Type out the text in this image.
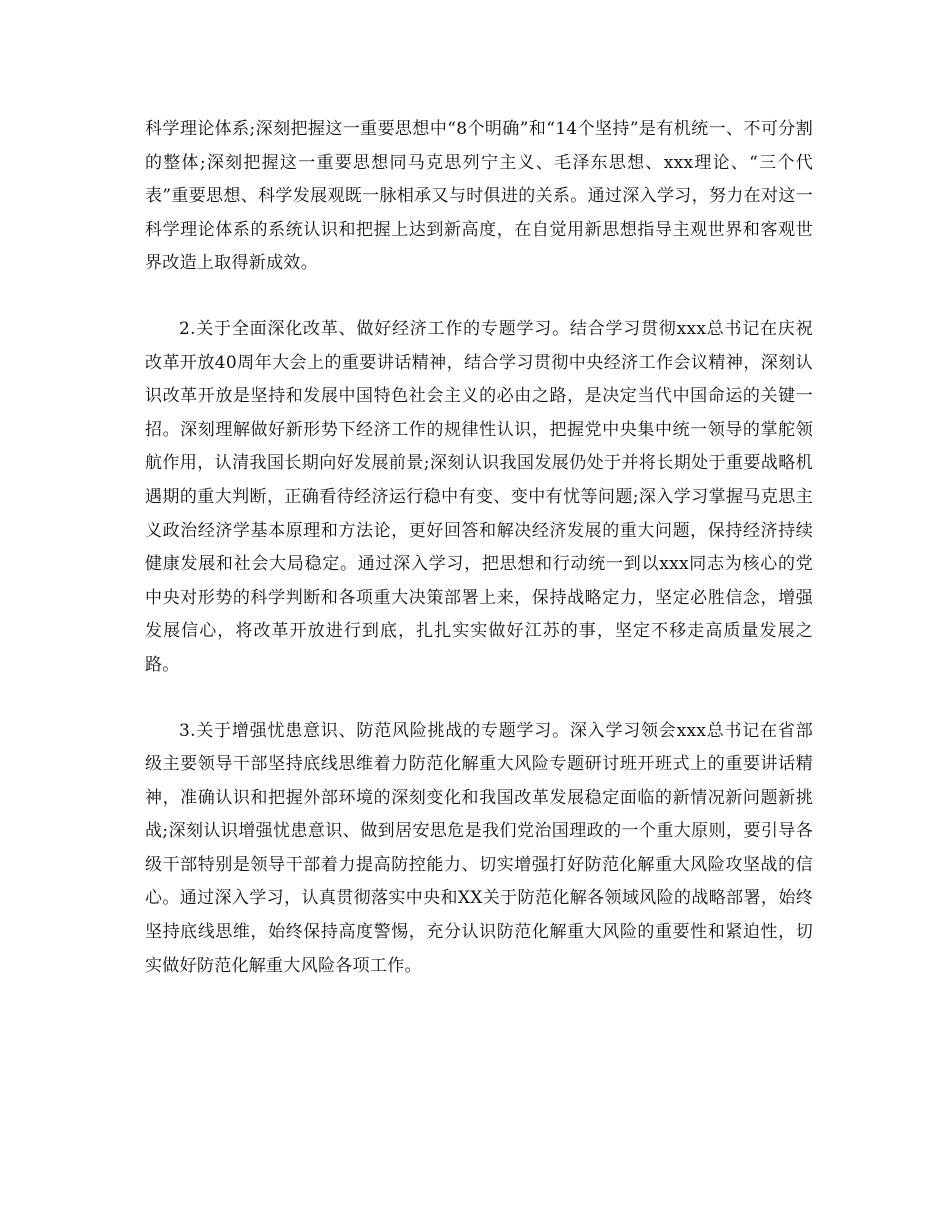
科学理论体系;深刻把握这一重要思想中“8个明确”和“14个坚持”是有机统一、不可分割的整体;深刻把握这一重要思想同马克思列宁主义、毛泽东思想、xxx理论、“三个代表”重要思想、科学发展观既一脉相承又与时俱进的关系。通过深入学习，努力在对这一科学理论体系的系统认识和把握上达到新高度，在自觉用新思想指导主观世界和客观世界改造上取得新成效。

2.关于全面深化改革、做好经济工作的专题学习。结合学习贯彻xxx总书记在庆祝改革开放40周年大会上的重要讲话精神，结合学习贯彻中央经济工作会议精神，深刻认识改革开放是坚持和发展中国特色社会主义的必由之路，是决定当代中国命运的关键一招。深刻理解做好新形势下经济工作的规律性认识，把握党中央集中统一领导的掌舵领航作用，认清我国长期向好发展前景;深刻认识我国发展仍处于并将长期处于重要战略机遇期的重大判断，正确看待经济运行稳中有变、变中有忧等问题;深入学习掌握马克思主义政治经济学基本原理和方法论，更好回答和解决经济发展的重大问题，保持经济持续健康发展和社会大局稳定。通过深入学习，把思想和行动统一到以xxx同志为核心的党中央对形势的科学判断和各项重大决策部署上来，保持战略定力，坚定必胜信念，增强发展信心，将改革开放进行到底，扎扎实实做好江苏的事，坚定不移走高质量发展之路。

3.关于增强忧患意识、防范风险挑战的专题学习。深入学习领会xxx总书记在省部级主要领导干部坚持底线思维着力防范化解重大风险专题研讨班开班式上的重要讲话精神，准确认识和把握外部环境的深刻变化和我国改革发展稳定面临的新情况新问题新挑战;深刻认识增强忧患意识、做到居安思危是我们党治国理政的一个重大原则，要引导各级干部特别是领导干部着力提高防控能力、切实增强打好防范化解重大风险攻坚战的信心。通过深入学习，认真贯彻落实中央和XX关于防范化解各领域风险的战略部署，始终坚持底线思维，始终保持高度警惕，充分认识防范化解重大风险的重要性和紧迫性，切实做好防范化解重大风险各项工作。
